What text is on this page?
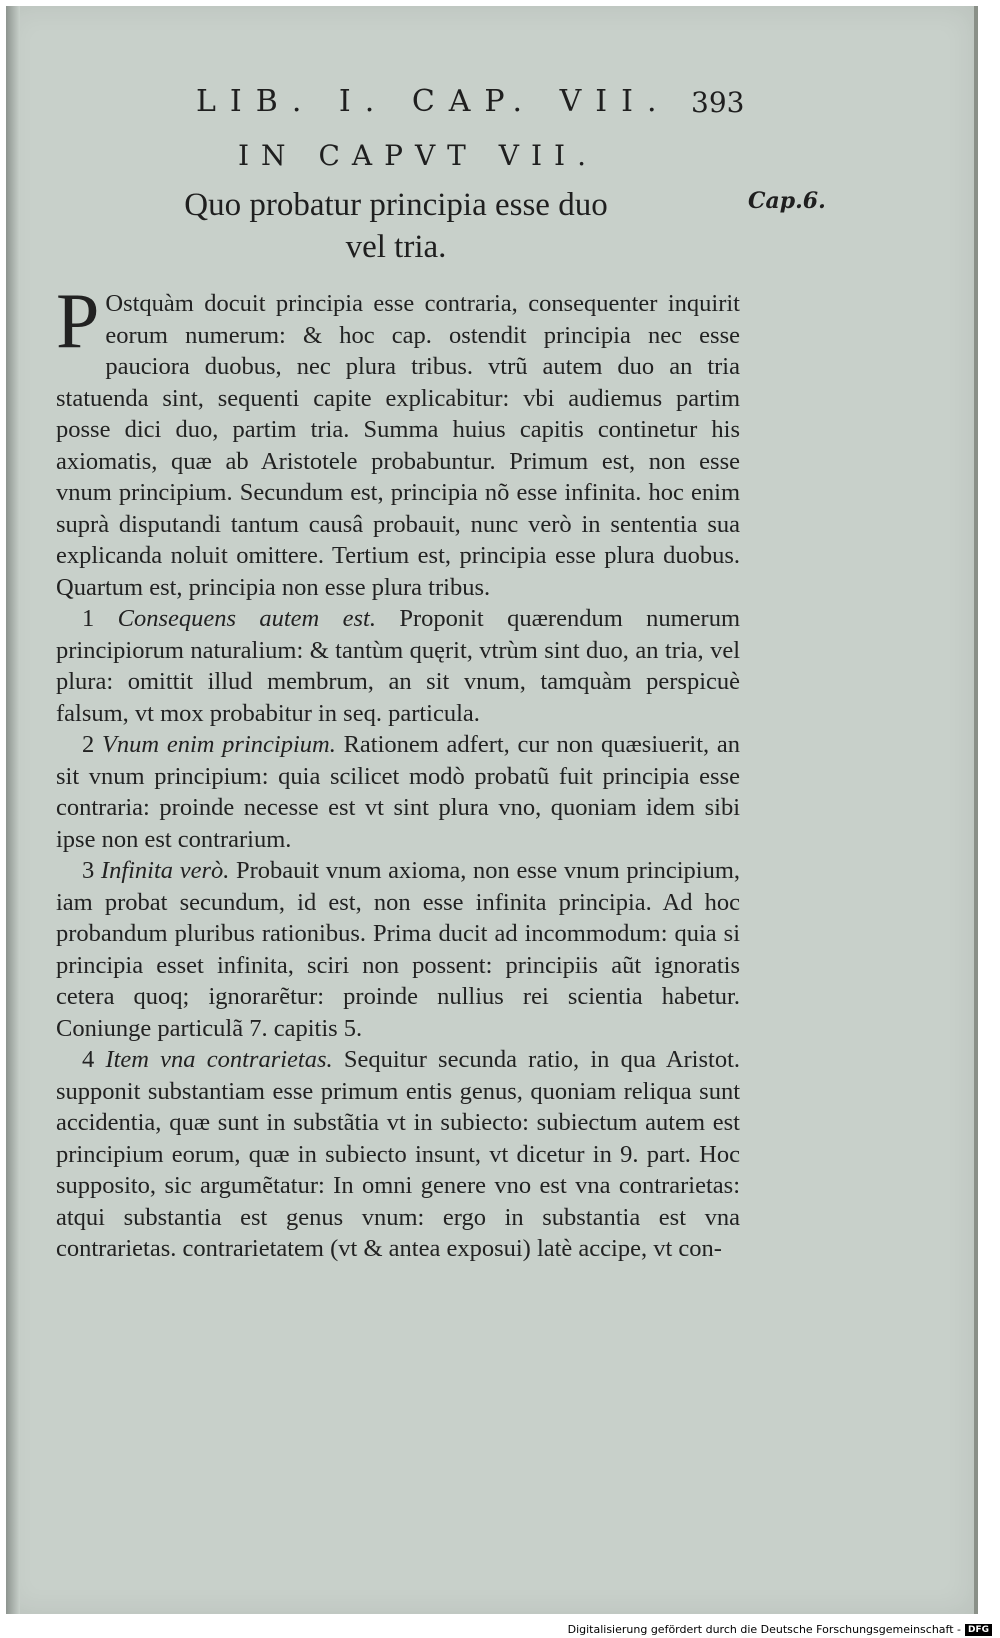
LIB. I. CAP. VII. 393
IN CAPVT VII.
Quo probatur principia esse duo vel tria.
Cap.6.

P Ostquàm docuit principia esse contraria, consequenter inquirit eorum numerum: & hoc cap. ostendit principia nec esse pauciora duobus, nec plura tribus. vtrũ autem duo an tria statuenda sint, sequenti capite explicabitur: vbi audiemus partim posse dici duo, partim tria. Summa huius capitis continetur his axiomatis, quæ ab Aristotele probabuntur. Primum est, non esse vnum principium. Secundum est, principia nõ esse infinita. hoc enim suprà disputandi tantum causâ probauit, nunc verò in sententia sua explicanda noluit omittere. Tertium est, principia esse plura duobus. Quartum est, principia non esse plura tribus.

1 Consequens autem est. Proponit quærendum numerum principiorum naturalium: & tantùm quęrit, vtrùm sint duo, an tria, vel plura: omittit illud membrum, an sit vnum, tamquàm perspicuè falsum, vt mox probabitur in seq. particula.

2 Vnum enim principium. Rationem adfert, cur non quæsiuerit, an sit vnum principium: quia scilicet modò probatũ fuit principia esse contraria: proinde necesse est vt sint plura vno, quoniam idem sibi ipse non est contrarium.

3 Infinita verò. Probauit vnum axioma, non esse vnum principium, iam probat secundum, id est, non esse infinita principia. Ad hoc probandum pluribus rationibus. Prima ducit ad incommodum: quia si principia esset infinita, sciri non possent: principiis aũt ignoratis cetera quoq; ignorarẽtur: proinde nullius rei scientia habetur. Coniunge particulã 7. capitis 5.

4 Item vna contrarietas. Sequitur secunda ratio, in qua Aristot. supponit substantiam esse primum entis genus, quoniam reliqua sunt accidentia, quæ sunt in substãtia vt in subiecto: subiectum autem est principium eorum, quæ in subiecto insunt, vt dicetur in 9. part. Hoc supposito, sic argumẽtatur: In omni genere vno est vna contrarietas: atqui substantia est genus vnum: ergo in substantia est vna contrarietas. contrarietatem (vt & antea exposui) latè accipe, vt con-

Digitalisierung gefördert durch die Deutsche Forschungsgemeinschaft - DFG
